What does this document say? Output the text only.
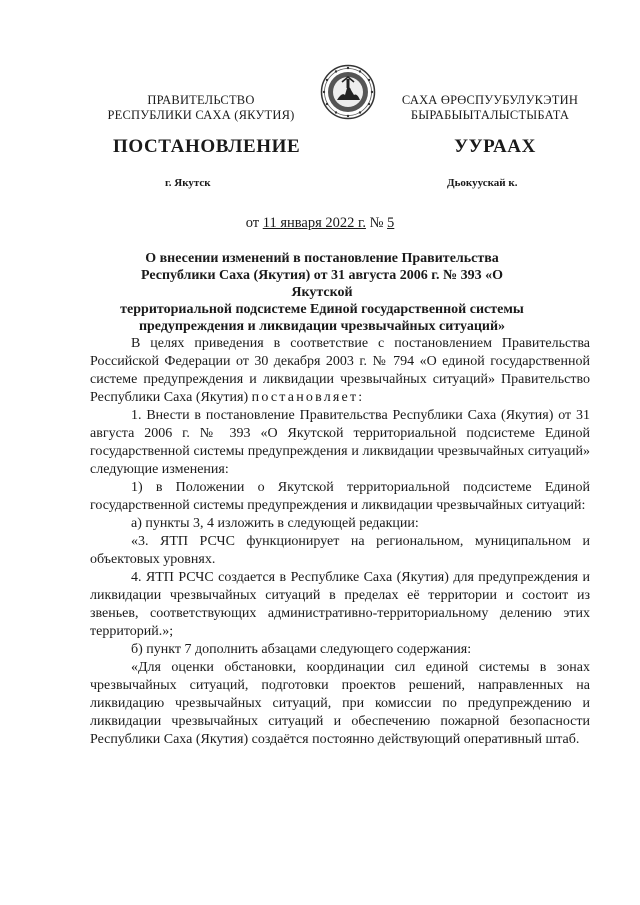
ПРАВИТЕЛЬСТВО
РЕСПУБЛИКИ САХА (ЯКУТИЯ)
САХА ӨРӨСПУУБУЛУКЭТИН
БЫРАБЫЫТАЛЫСТЫБАТА
ПОСТАНОВЛЕНИЕ	УУРААХ
г. Якутск	Дьокуускай к.
от 11 января 2022 г. № 5
О внесении изменений в постановление Правительства
Республики Саха (Якутия) от 31 августа 2006 г. № 393 «О Якутской
территориальной подсистеме Единой государственной системы
предупреждения и ликвидации чрезвычайных ситуаций»

В целях приведения в соответствие с постановлением Правительства Российской Федерации от 30 декабря 2003 г. № 794 «О единой государственной системе предупреждения и ликвидации чрезвычайных ситуаций» Правительство Республики Саха (Якутия) постановляет:

1. Внести в постановление Правительства Республики Саха (Якутия) от 31 августа 2006 г. № 393 «О Якутской территориальной подсистеме Единой государственной системы предупреждения и ликвидации чрезвычайных ситуаций» следующие изменения:

1) в Положении о Якутской территориальной подсистеме Единой государственной системы предупреждения и ликвидации чрезвычайных ситуаций:

а) пункты 3, 4 изложить в следующей редакции:

«3. ЯТП РСЧС функционирует на региональном, муниципальном и объектовых уровнях.

4. ЯТП РСЧС создается в Республике Саха (Якутия) для предупреждения и ликвидации чрезвычайных ситуаций в пределах её территории и состоит из звеньев, соответствующих административно-территориальному делению этих территорий.»;

б) пункт 7 дополнить абзацами следующего содержания:

«Для оценки обстановки, координации сил единой системы в зонах чрезвычайных ситуаций, подготовки проектов решений, направленных на ликвидацию чрезвычайных ситуаций, при комиссии по предупреждению и ликвидации чрезвычайных ситуаций и обеспечению пожарной безопасности Республики Саха (Якутия) создаётся постоянно действующий оперативный штаб.
